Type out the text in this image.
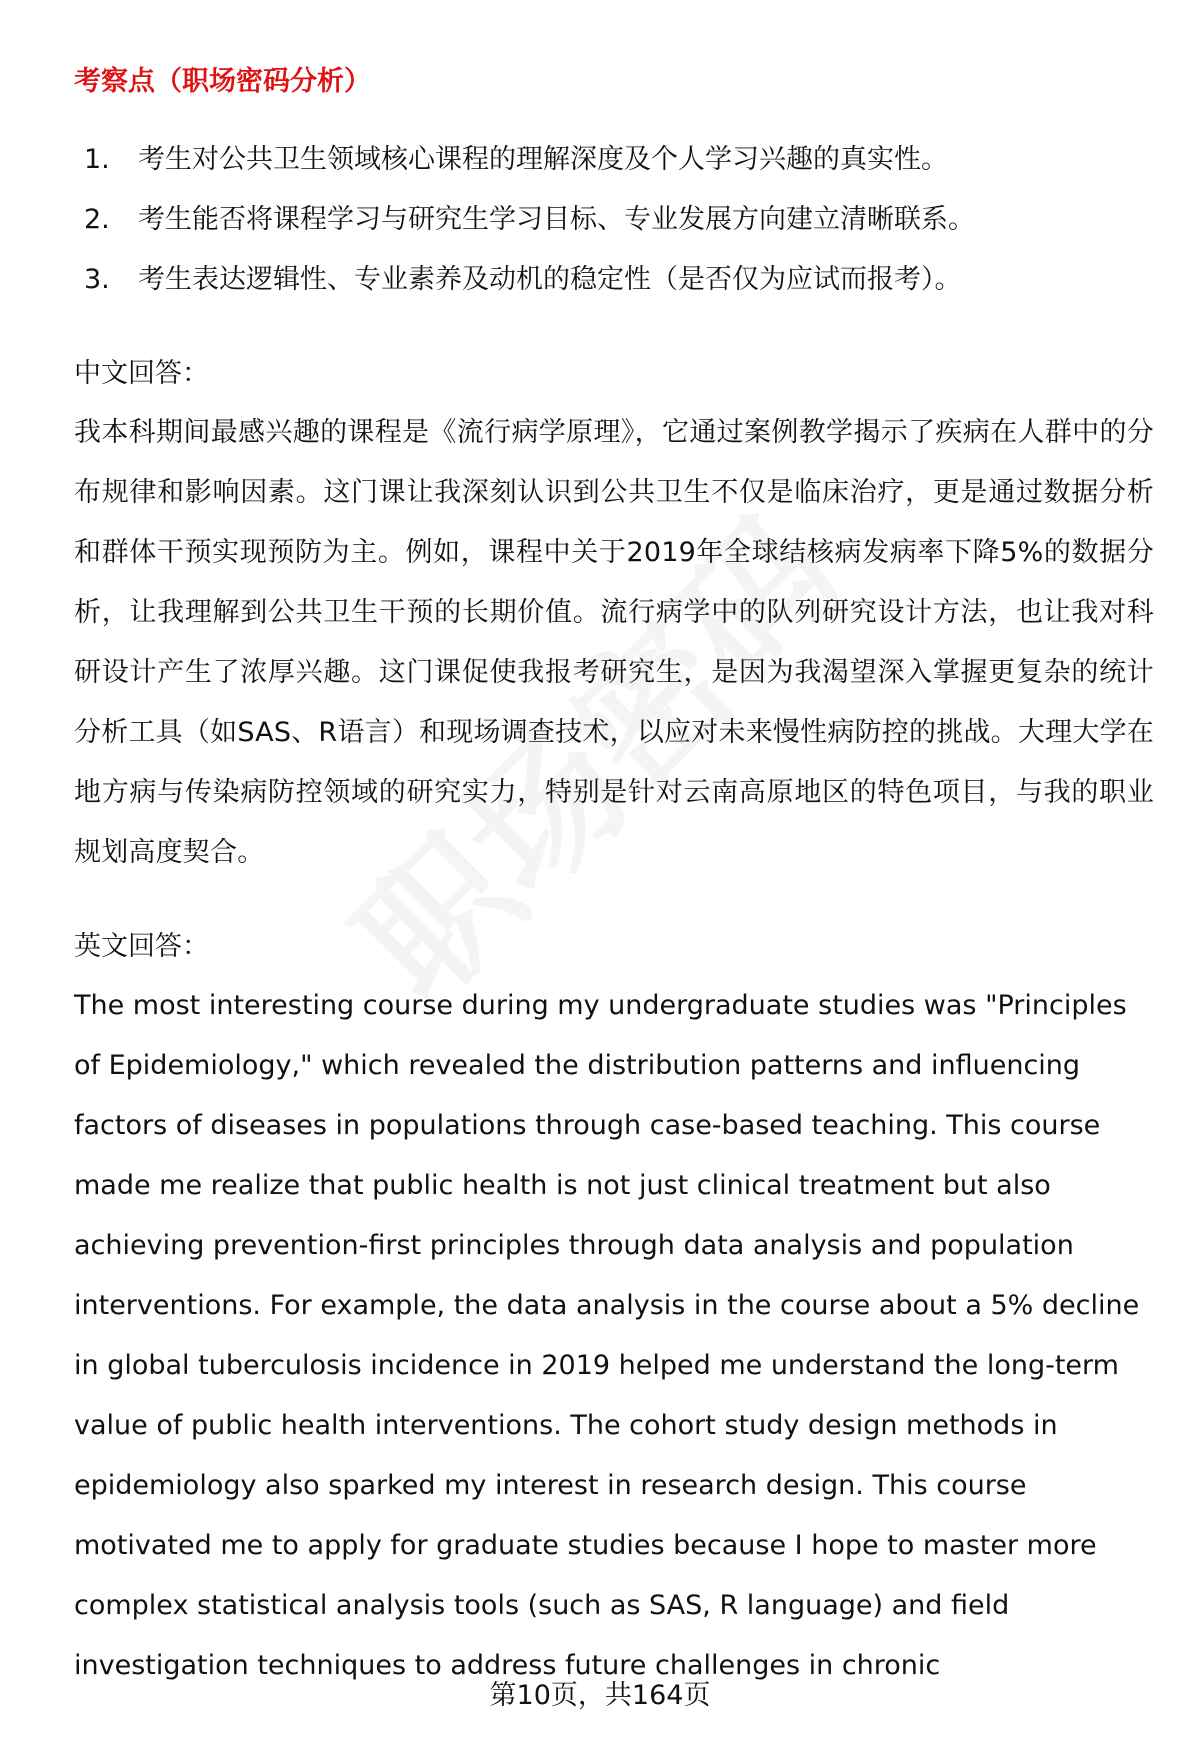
考察点（职场密码分析）
1.	考生对公共卫生领域核心课程的理解深度及个人学习兴趣的真实性。
2.	考生能否将课程学习与研究生学习目标、专业发展方向建立清晰联系。
3.	考生表达逻辑性、专业素养及动机的稳定性（是否仅为应试而报考）。
中文回答：
我本科期间最感兴趣的课程是《流行病学原理》，它通过案例教学揭示了疾病在人群中的分布规律和影响因素。这门课让我深刻认识到公共卫生不仅是临床治疗，更是通过数据分析和群体干预实现预防为主。例如，课程中关于2019年全球结核病发病率下降5%的数据分析，让我理解到公共卫生干预的长期价值。流行病学中的队列研究设计方法，也让我对科研设计产生了浓厚兴趣。这门课促使我报考研究生，是因为我渴望深入掌握更复杂的统计分析工具（如SAS、R语言）和现场调查技术，以应对未来慢性病防控的挑战。大理大学在地方病与传染病防控领域的研究实力，特别是针对云南高原地区的特色项目，与我的职业规划高度契合。
英文回答：
The most interesting course during my undergraduate studies was "Principles of Epidemiology," which revealed the distribution patterns and influencing factors of diseases in populations through case-based teaching. This course made me realize that public health is not just clinical treatment but also achieving prevention-first principles through data analysis and population interventions. For example, the data analysis in the course about a 5% decline in global tuberculosis incidence in 2019 helped me understand the long-term value of public health interventions. The cohort study design methods in epidemiology also sparked my interest in research design. This course motivated me to apply for graduate studies because I hope to master more complex statistical analysis tools (such as SAS, R language) and field investigation techniques to address future challenges in chronic
第10页，共164页
